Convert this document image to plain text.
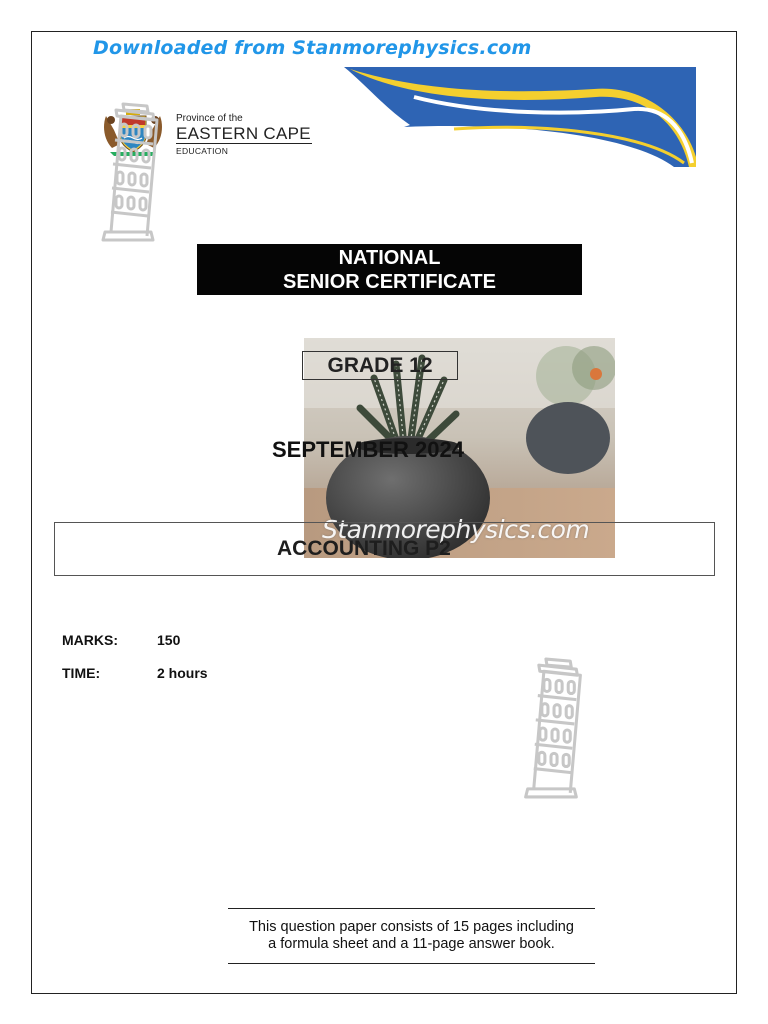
Downloaded from Stanmorephysics.com
Province of the
EASTERN CAPE
EDUCATION
Iphondo leMpuma Koloni: Isebe leMfundo
Provinsie van die Oos Kaap: Departement van Onderwys
Porafensie Ya Kapa Botjhabela: Lefapha la Thuto
NATIONAL
SENIOR CERTIFICATE
Stanmorephysics.com
GRADE 12
SEPTEMBER 2024
ACCOUNTING P2
MARKS:	150
TIME:	2 hours
This question paper consists of 15 pages including
a formula sheet and a 11-page answer book.
